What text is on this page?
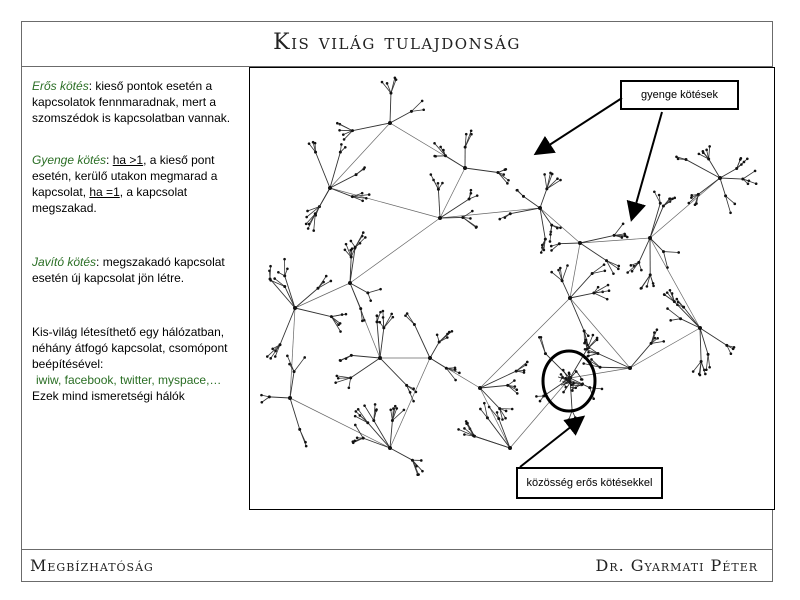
Kis világ tulajdonság

Erős kötés: kieső pontok esetén a kapcsolatok fennmaradnak, mert a szomszédok is kapcsolatban vannak.

Gyenge kötés: ha >1, a kieső pont esetén, kerülő utakon megmarad a kapcsolat, ha =1, a kapcsolat megszakad.

Javító kötés: megszakadó kapcsolat esetén új kapcsolat jön létre.

Kis-világ létesíthető egy hálózatban, néhány átfogó kapcsolat, csomópont beépítésével:
iwiw, facebook, twitter, myspace,…
Ezek mind ismeretségi hálók

gyenge kötések
közösség erős kötésekkel
Megbízhatóság	Dr. Gyarmati Péter
